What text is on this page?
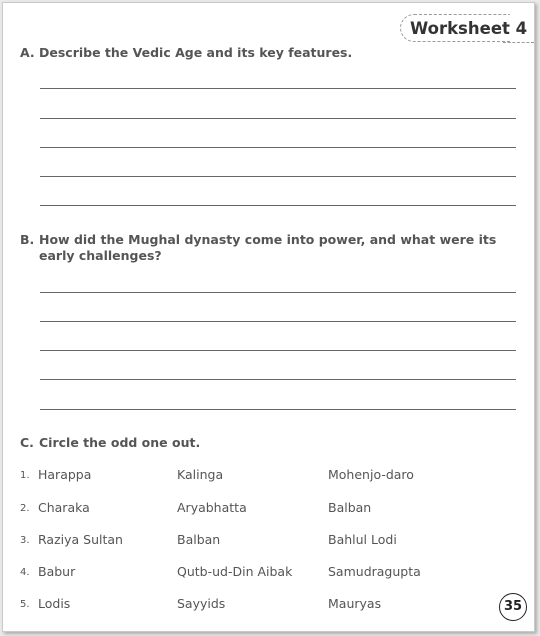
Worksheet 4
A. Describe the Vedic Age and its key features.
B. How did the Mughal dynasty come into power, and what were its early challenges?
C. Circle the odd one out.
1. Harappa	Kalinga	Mohenjo-daro
2. Charaka	Aryabhatta	Balban
3. Raziya Sultan	Balban	Bahlul Lodi
4. Babur	Qutb-ud-Din Aibak	Samudragupta
5. Lodis	Sayyids	Mauryas	35
